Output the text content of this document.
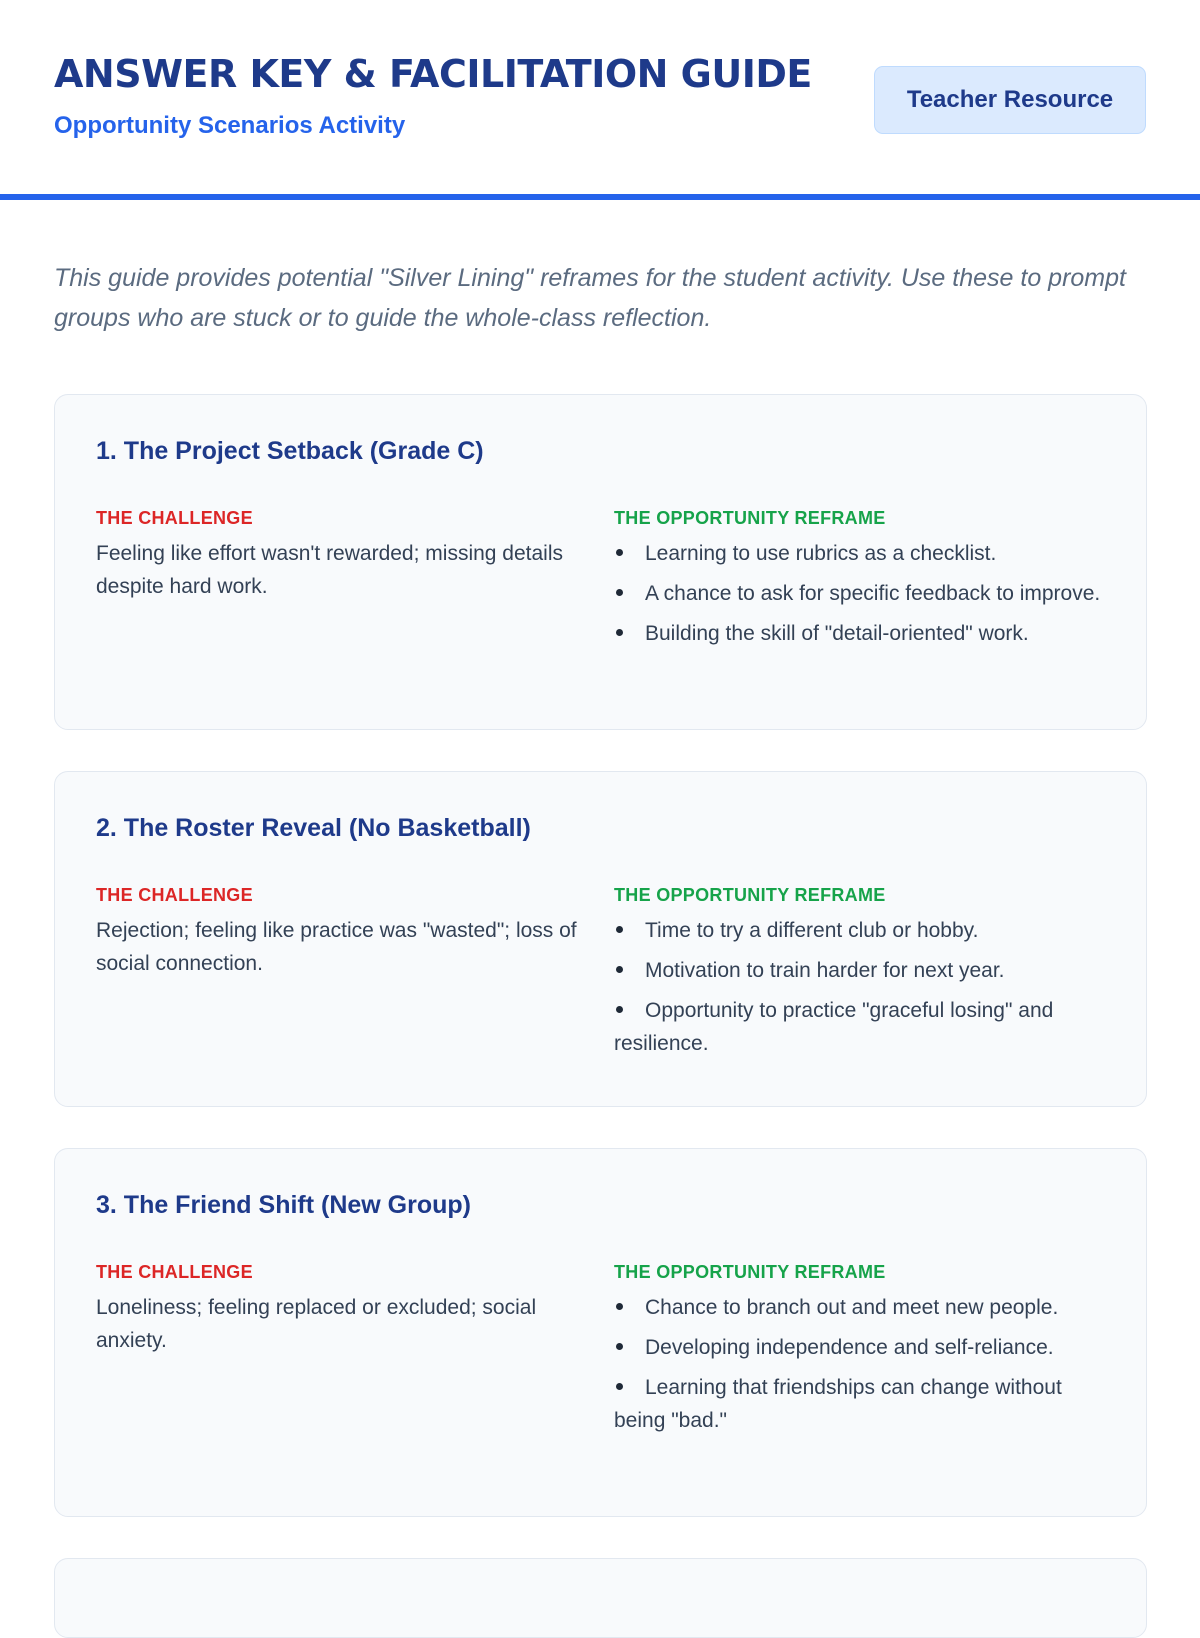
ANSWER KEY & FACILITATION GUIDE
Opportunity Scenarios Activity
Teacher Resource

This guide provides potential "Silver Lining" reframes for the student activity. Use these to prompt groups who are stuck or to guide the whole-class reflection.

1. The Project Setback (Grade C)
THE CHALLENGE

Feeling like effort wasn't rewarded; missing details despite hard work.

THE OPPORTUNITY REFRAME
Learning to use rubrics as a checklist.
A chance to ask for specific feedback to improve.
Building the skill of "detail-oriented" work.
2. The Roster Reveal (No Basketball)
THE CHALLENGE

Rejection; feeling like practice was "wasted"; loss of social connection.

THE OPPORTUNITY REFRAME
Time to try a different club or hobby.
Motivation to train harder for next year.
Opportunity to practice "graceful losing" and resilience.
3. The Friend Shift (New Group)
THE CHALLENGE

Loneliness; feeling replaced or excluded; social anxiety.

THE OPPORTUNITY REFRAME
Chance to branch out and meet new people.
Developing independence and self-reliance.
Learning that friendships can change without being "bad."
